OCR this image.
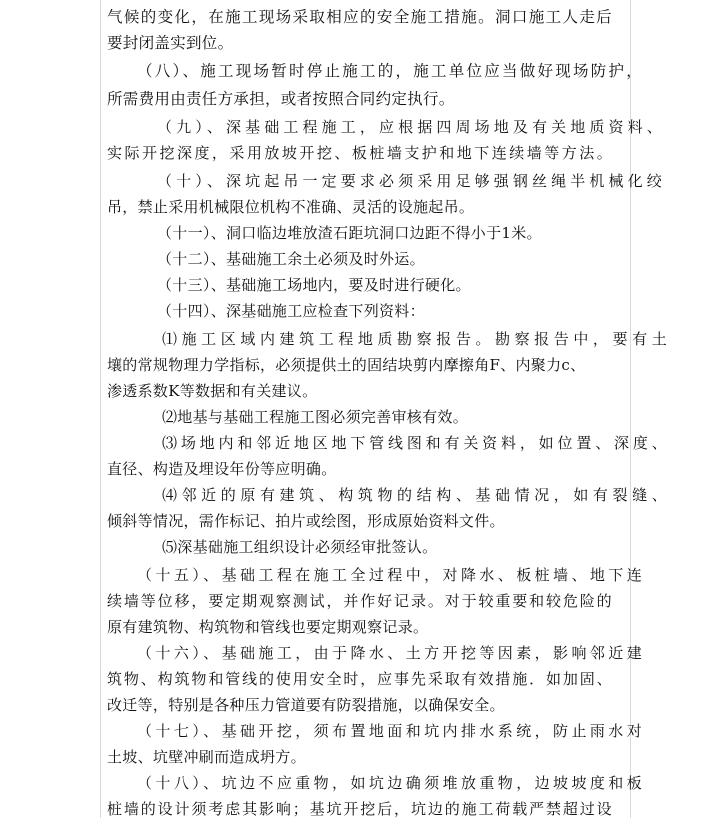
气候的变化，在施工现场采取相应的安全施工措施。洞口施工人走后
要封闭盖实到位。
（八）、施工现场暂时停止施工的，施工单位应当做好现场防护，
所需费用由责任方承担，或者按照合同约定执行。
（九）、深基础工程施工，应根据四周场地及有关地质资料、
实际开挖深度，采用放坡开挖、板桩墙支护和地下连续墙等方法。
（十）、深坑起吊一定要求必须采用足够强钢丝绳半机械化绞
吊，禁止采用机械限位机构不准确、灵活的设施起吊。
（十一）、洞口临边堆放渣石距坑洞口边距不得小于1米。
（十二）、基础施工余土必须及时外运。
（十三）、基础施工场地内，要及时进行硬化。
（十四）、深基础施工应检查下列资料：
⑴施工区域内建筑工程地质勘察报告。勘察报告中，要有土
壤的常规物理力学指标，必须提供土的固结块剪内摩擦角F、内聚力c、
渗透系数K等数据和有关建议。
⑵地基与基础工程施工图必须完善审核有效。
⑶场地内和邻近地区地下管线图和有关资料，如位置、深度、
直径、构造及埋设年份等应明确。
⑷邻近的原有建筑、构筑物的结构、基础情况，如有裂缝、
倾斜等情况，需作标记、拍片或绘图，形成原始资料文件。
⑸深基础施工组织设计必须经审批签认。
（十五）、基础工程在施工全过程中，对降水、板桩墙、地下连
续墙等位移，要定期观察测试，并作好记录。对于较重要和较危险的
原有建筑物、构筑物和管线也要定期观察记录。
（十六）、基础施工，由于降水、土方开挖等因素，影响邻近建
筑物、构筑物和管线的使用安全时，应事先采取有效措施．如加固、
改迁等，特别是各种压力管道要有防裂措施，以确保安全。
（十七）、基础开挖，须布置地面和坑内排水系统，防止雨水对
土坡、坑壁冲刷而造成坍方。
（十八）、坑边不应重物，如坑边确须堆放重物，边坡坡度和板
桩墙的设计须考虑其影响；基坑开挖后，坑边的施工荷载严禁超过设
